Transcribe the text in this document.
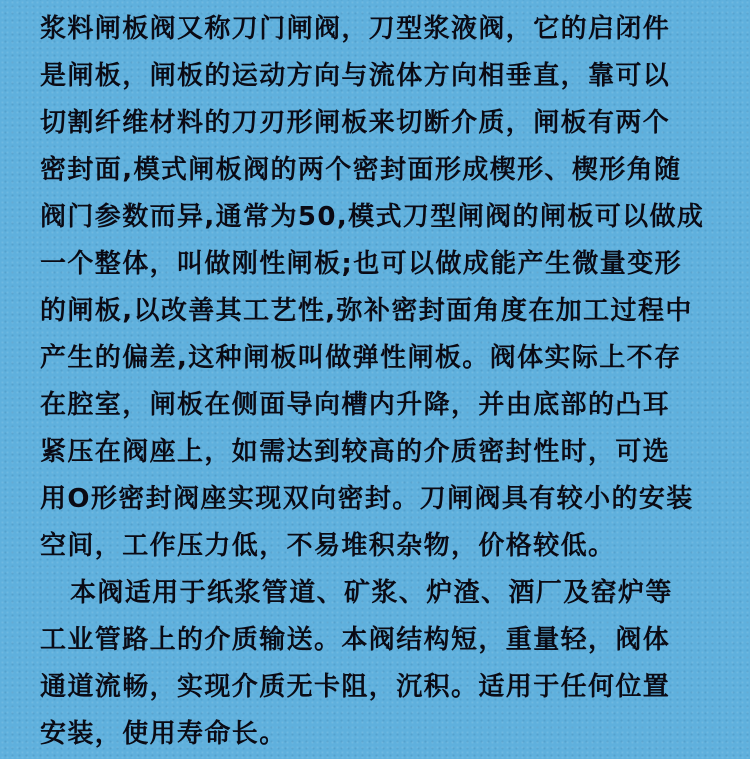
浆料闸板阀又称刀门闸阀，刀型浆液阀，它的启闭件
是闸板，闸板的运动方向与流体方向相垂直，靠可以
切割纤维材料的刀刃形闸板来切断介质，闸板有两个
密封面,模式闸板阀的两个密封面形成楔形、楔形角随
阀门参数而异,通常为50,模式刀型闸阀的闸板可以做成
一个整体，叫做刚性闸板;也可以做成能产生微量变形
的闸板,以改善其工艺性,弥补密封面角度在加工过程中
产生的偏差,这种闸板叫做弹性闸板。阀体实际上不存
在腔室，闸板在侧面导向槽内升降，并由底部的凸耳
紧压在阀座上，如需达到较高的介质密封性时，可选
用O形密封阀座实现双向密封。刀闸阀具有较小的安装
空间，工作压力低，不易堆积杂物，价格较低。
本阀适用于纸浆管道、矿浆、炉渣、酒厂及窑炉等
工业管路上的介质输送。本阀结构短，重量轻，阀体
通道流畅，实现介质无卡阻，沉积。适用于任何位置
安装，使用寿命长。
